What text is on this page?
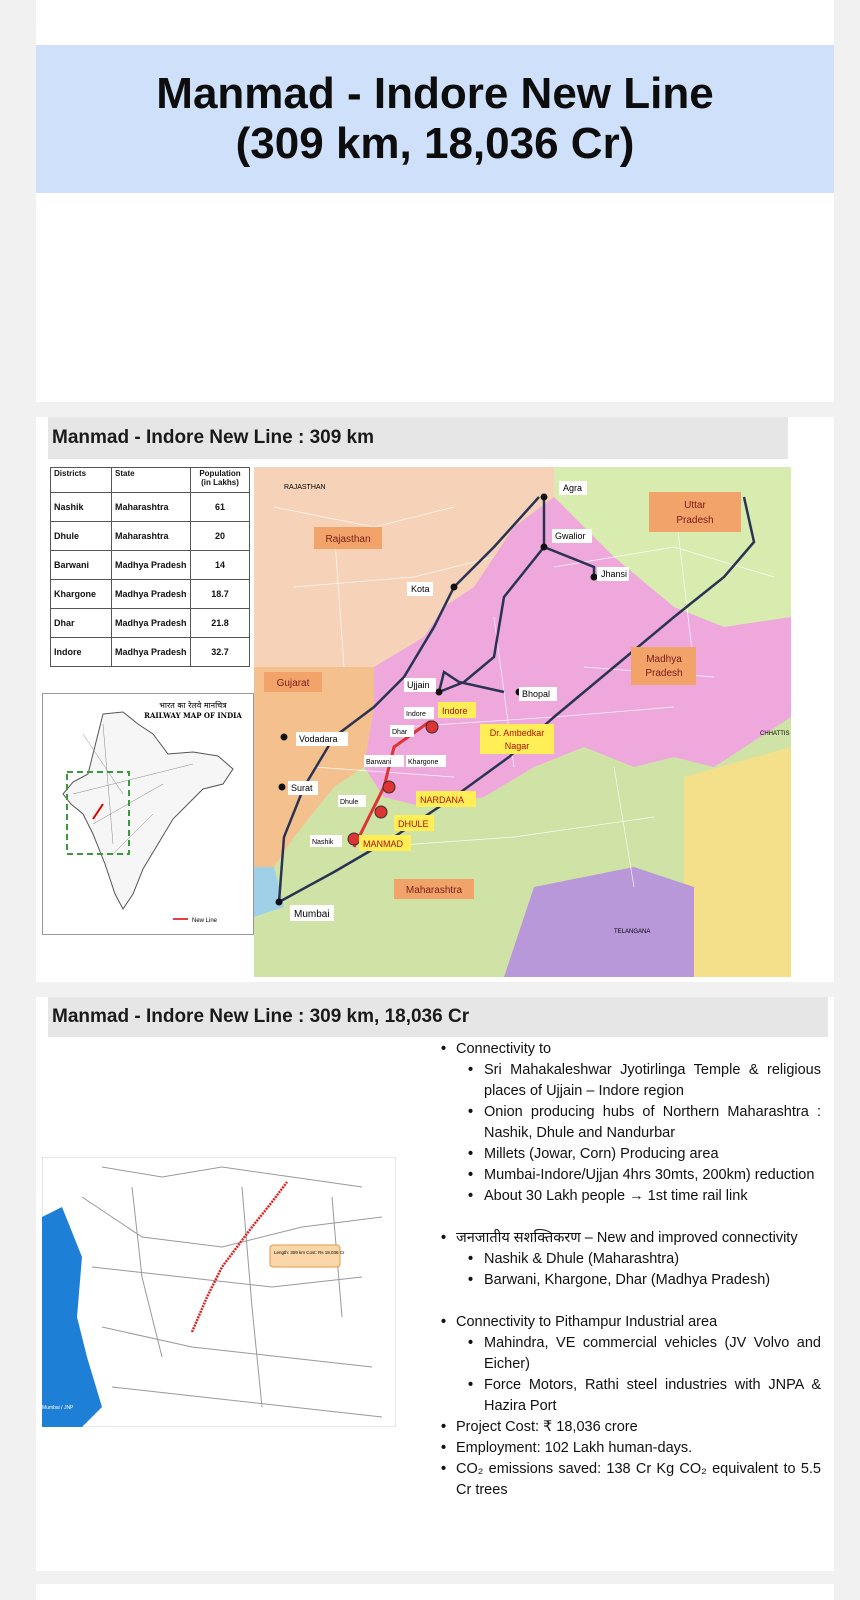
Manmad - Indore New Line
(309 km, 18,036 Cr)
Manmad - Indore New Line : 309 km
Districts	State	Population (in Lakhs)
Nashik	Maharashtra	61
Dhule	Maharashtra	20
Barwani	Madhya Pradesh	14
Khargone	Madhya Pradesh	18.7
Dhar	Madhya Pradesh	21.8
Indore	Madhya Pradesh	32.7
भारत का रेलवे मानचित्र
RAILWAY MAP OF INDIA
New Line
RAJASTHAN
Rajasthan
Uttar
Pradesh
Madhya
Pradesh
Gujarat
Maharashtra
TELANGANA
CHHATTIS
Agra
Gwalior
Jhansi
Kota
Ujjain
Bhopal
Vodadara
Surat
Mumbai
Nashik
Dhule
Dhar
Indore
Barwani Khargone
Indore
Dr. Ambedkar
Nagar
NARDANA
DHULE
MANMAD
Manmad - Indore New Line : 309 km, 18,036 Cr
Length: 309 km Cost: Rs 18,036 Cr
Mumbai / JNP
• Connectivity to
• Sri Mahakaleshwar Jyotirlinga Temple & religious places of Ujjain – Indore region
• Onion producing hubs of Northern Maharashtra : Nashik, Dhule and Nandurbar
• Millets (Jowar, Corn) Producing area
• Mumbai-Indore/Ujjan 4hrs 30mts, 200km) reduction
• About 30 Lakh people → 1st time rail link
• जनजातीय सशक्तिकरण – New and improved connectivity
• Nashik & Dhule (Maharashtra)
• Barwani, Khargone, Dhar (Madhya Pradesh)
• Connectivity to Pithampur Industrial area
• Mahindra, VE commercial vehicles (JV Volvo and Eicher)
• Force Motors, Rathi steel industries with JNPA & Hazira Port
• Project Cost: ₹ 18,036 crore
• Employment: 102 Lakh human-days.
• CO₂ emissions saved: 138 Cr Kg CO₂ equivalent to 5.5 Cr trees
